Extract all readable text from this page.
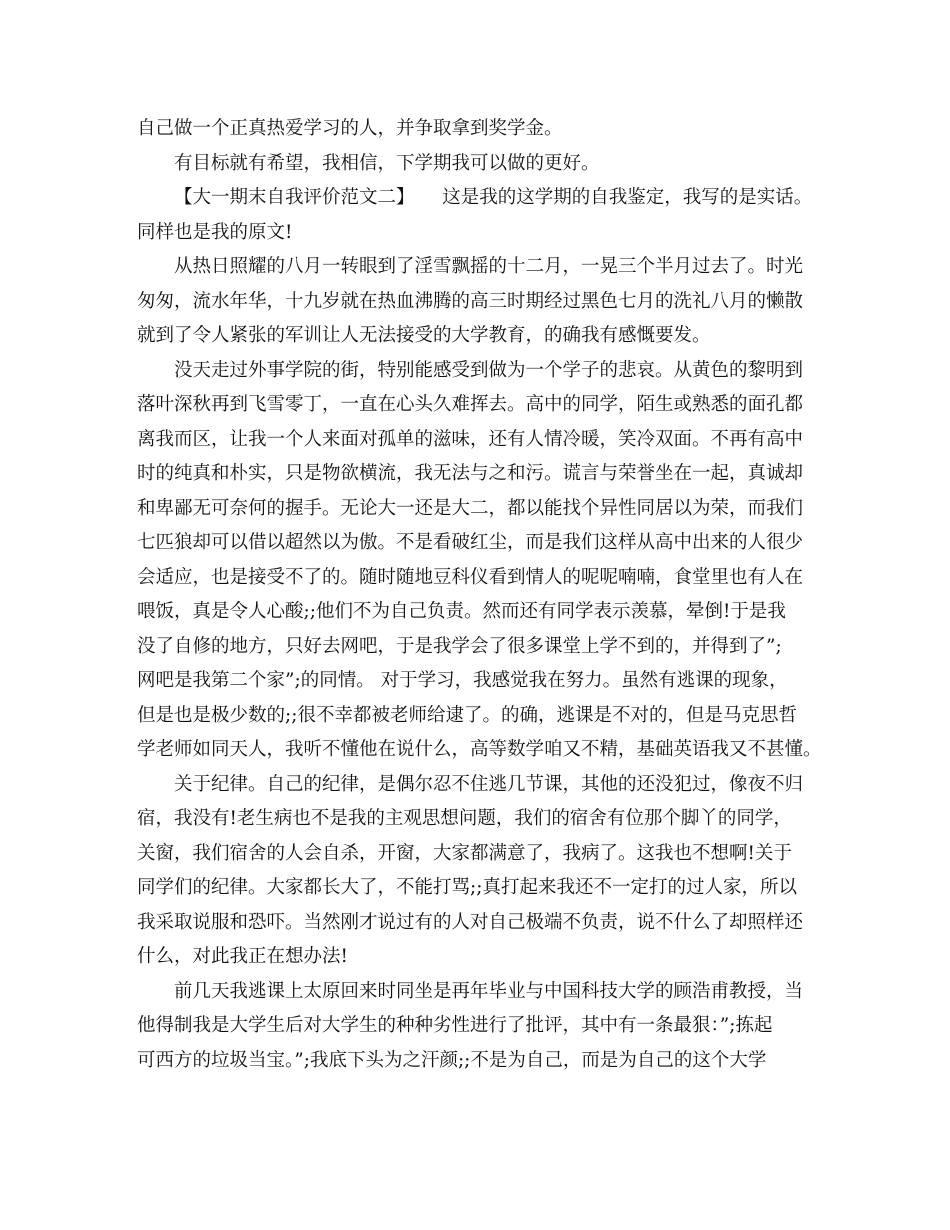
自己做一个正真热爱学习的人，并争取拿到奖学金。
有目标就有希望，我相信，下学期我可以做的更好。
【大一期末自我评价范文二】　　这是我的这学期的自我鉴定，我写的是实话。
同样也是我的原文!
从热日照耀的八月一转眼到了淫雪飘摇的十二月，一晃三个半月过去了。时光
匆匆，流水年华，十九岁就在热血沸腾的高三时期经过黑色七月的洗礼八月的懒散
就到了令人紧张的军训让人无法接受的大学教育，的确我有感慨要发。
没天走过外事学院的街，特别能感受到做为一个学子的悲哀。从黄色的黎明到
落叶深秋再到飞雪零丁，一直在心头久难挥去。高中的同学，陌生或熟悉的面孔都
离我而区，让我一个人来面对孤单的滋味，还有人情冷暖，笑冷双面。不再有高中
时的纯真和朴实，只是物欲横流，我无法与之和污。谎言与荣誉坐在一起，真诚却
和卑鄙无可奈何的握手。无论大一还是大二，都以能找个异性同居以为荣，而我们
七匹狼却可以借以超然以为傲。不是看破红尘，而是我们这样从高中出来的人很少
会适应，也是接受不了的。随时随地豆科仪看到情人的呢呢喃喃，食堂里也有人在
喂饭，真是令人心酸;;他们不为自己负责。然而还有同学表示羡慕，晕倒!于是我
没了自修的地方，只好去网吧，于是我学会了很多课堂上学不到的，并得到了”;
网吧是我第二个家”;的同情。 对于学习，我感觉我在努力。虽然有逃课的现象，
但是也是极少数的;;很不幸都被老师给逮了。的确，逃课是不对的，但是马克思哲
学老师如同天人，我听不懂他在说什么，高等数学咱又不精，基础英语我又不甚懂。
关于纪律。自己的纪律，是偶尔忍不住逃几节课，其他的还没犯过，像夜不归
宿，我没有!老生病也不是我的主观思想问题，我们的宿舍有位那个脚丫的同学，
关窗，我们宿舍的人会自杀，开窗，大家都满意了，我病了。这我也不想啊!关于
同学们的纪律。大家都长大了，不能打骂;;真打起来我还不一定打的过人家，所以
我采取说服和恐吓。当然刚才说过有的人对自己极端不负责，说不什么了却照样还
什么，对此我正在想办法!
前几天我逃课上太原回来时同坐是再年毕业与中国科技大学的顾浩甫教授，当
他得制我是大学生后对大学生的种种劣性进行了批评，其中有一条最狠：”;拣起
可西方的垃圾当宝。”;我底下头为之汗颜;;不是为自己，而是为自己的这个大学
